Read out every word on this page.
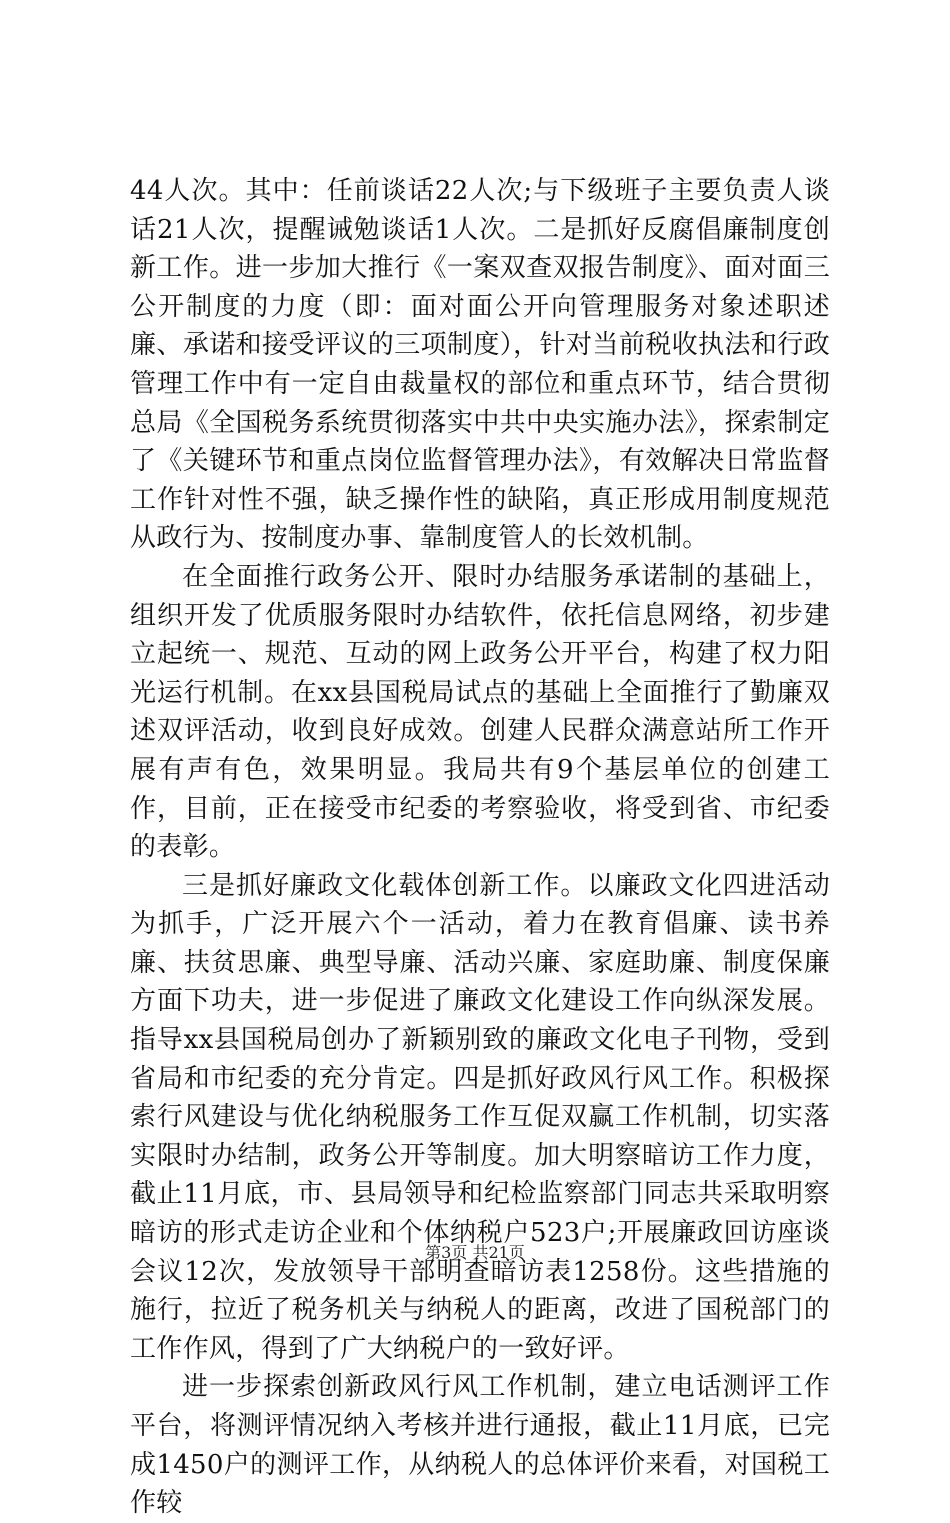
44人次。其中：任前谈话22人次;与下级班子主要负责人谈话21人次，提醒诫勉谈话1人次。二是抓好反腐倡廉制度创新工作。进一步加大推行《一案双查双报告制度》、面对面三公开制度的力度（即：面对面公开向管理服务对象述职述廉、承诺和接受评议的三项制度），针对当前税收执法和行政管理工作中有一定自由裁量权的部位和重点环节，结合贯彻总局《全国税务系统贯彻落实中共中央实施办法》，探索制定了《关键环节和重点岗位监督管理办法》，有效解决日常监督工作针对性不强，缺乏操作性的缺陷，真正形成用制度规范从政行为、按制度办事、靠制度管人的长效机制。

在全面推行政务公开、限时办结服务承诺制的基础上，组织开发了优质服务限时办结软件，依托信息网络，初步建立起统一、规范、互动的网上政务公开平台，构建了权力阳光运行机制。在xx县国税局试点的基础上全面推行了勤廉双述双评活动，收到良好成效。创建人民群众满意站所工作开展有声有色，效果明显。我局共有9个基层单位的创建工作，目前，正在接受市纪委的考察验收，将受到省、市纪委的表彰。

三是抓好廉政文化载体创新工作。以廉政文化四进活动为抓手，广泛开展六个一活动，着力在教育倡廉、读书养廉、扶贫思廉、典型导廉、活动兴廉、家庭助廉、制度保廉方面下功夫，进一步促进了廉政文化建设工作向纵深发展。指导xx县国税局创办了新颖别致的廉政文化电子刊物，受到省局和市纪委的充分肯定。四是抓好政风行风工作。积极探索行风建设与优化纳税服务工作互促双赢工作机制，切实落实限时办结制，政务公开等制度。加大明察暗访工作力度，截止11月底，市、县局领导和纪检监察部门同志共采取明察暗访的形式走访企业和个体纳税户523户;开展廉政回访座谈会议12次，发放领导干部明查暗访表1258份。这些措施的施行，拉近了税务机关与纳税人的距离，改进了国税部门的工作作风，得到了广大纳税户的一致好评。

进一步探索创新政风行风工作机制，建立电话测评工作平台，将测评情况纳入考核并进行通报，截止11月底，已完成1450户的测评工作，从纳税人的总体评价来看，对国税工作较

第3页 共21页
